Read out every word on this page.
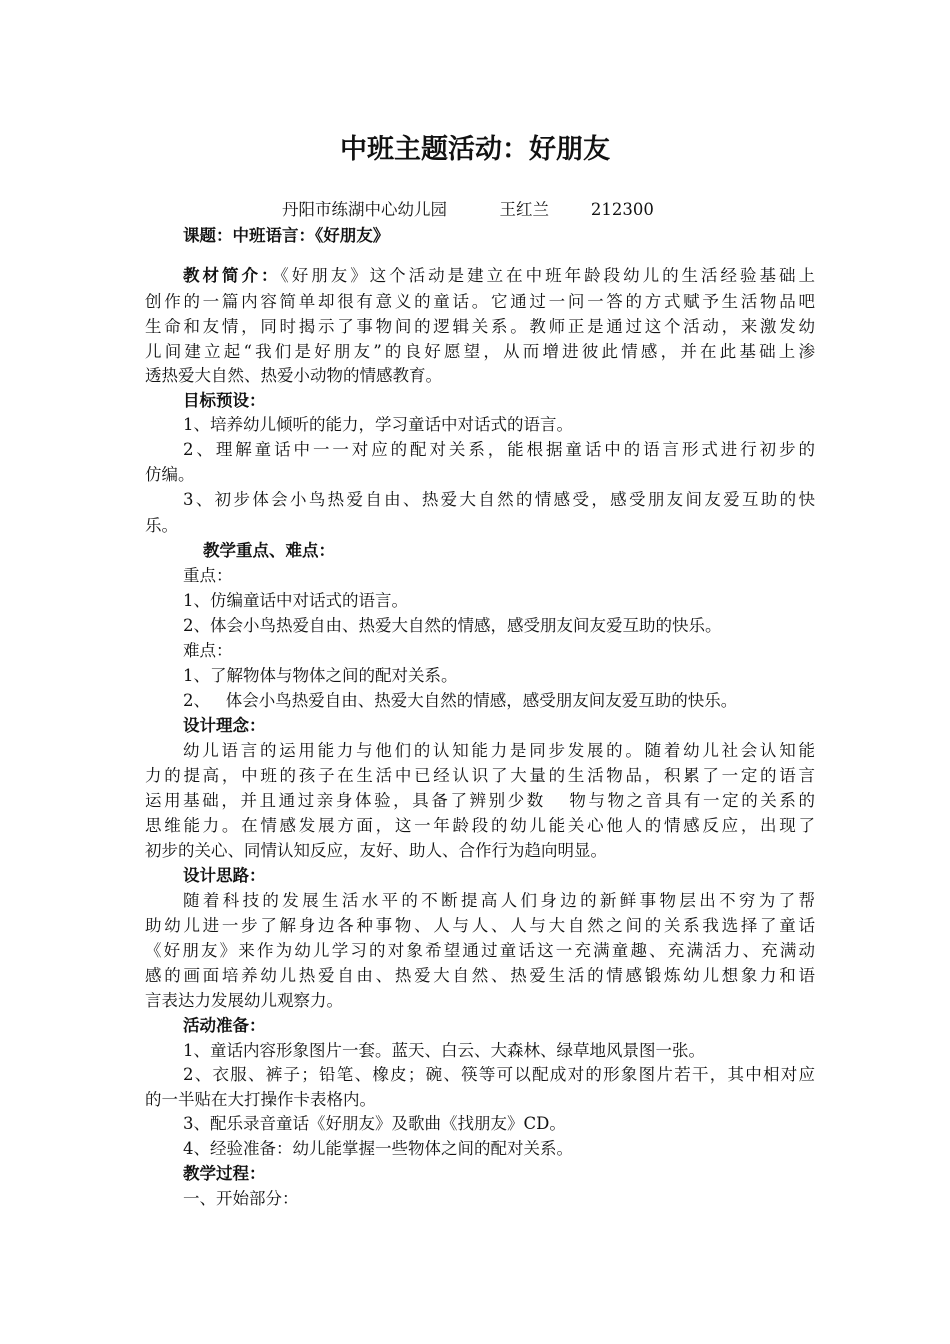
中班主题活动：好朋友
丹阳市练湖中心幼儿园          王红兰        212300
课题：中班语言：《好朋友》
教材简介：《好朋友》这个活动是建立在中班年龄段幼儿的生活经验基础上
创作的一篇内容简单却很有意义的童话。它通过一问一答的方式赋予生活物品吧
生命和友情，同时揭示了事物间的逻辑关系。教师正是通过这个活动，来激发幼
儿间建立起“我们是好朋友”的良好愿望，从而增进彼此情感，并在此基础上渗
透热爱大自然、热爱小动物的情感教育。
目标预设：
1、培养幼儿倾听的能力，学习童话中对话式的语言。
2、理解童话中一一对应的配对关系，能根据童话中的语言形式进行初步的
仿编。
3、初步体会小鸟热爱自由、热爱大自然的情感受，感受朋友间友爱互助的快
乐。
教学重点、难点：
重点：
1、仿编童话中对话式的语言。
2、体会小鸟热爱自由、热爱大自然的情感，感受朋友间友爱互助的快乐。
难点：
1、了解物体与物体之间的配对关系。
2、   体会小鸟热爱自由、热爱大自然的情感，感受朋友间友爱互助的快乐。
设计理念：
幼儿语言的运用能力与他们的认知能力是同步发展的。随着幼儿社会认知能
力的提高，中班的孩子在生活中已经认识了大量的生活物品，积累了一定的语言
运用基础，并且通过亲身体验，具备了辨别少数   物与物之音具有一定的关系的
思维能力。在情感发展方面，这一年龄段的幼儿能关心他人的情感反应，出现了
初步的关心、同情认知反应，友好、助人、合作行为趋向明显。
设计思路：
随着科技的发展生活水平的不断提高人们身边的新鲜事物层出不穷为了帮
助幼儿进一步了解身边各种事物、人与人、人与大自然之间的关系我选择了童话
《好朋友》来作为幼儿学习的对象希望通过童话这一充满童趣、充满活力、充满动
感的画面培养幼儿热爱自由、热爱大自然、热爱生活的情感锻炼幼儿想象力和语
言表达力发展幼儿观察力。
活动准备：
1、童话内容形象图片一套。蓝天、白云、大森林、绿草地风景图一张。
2、衣服、裤子；铅笔、橡皮；碗、筷等可以配成对的形象图片若干，其中相对应
的一半贴在大打操作卡表格内。
3、配乐录音童话《好朋友》及歌曲《找朋友》CD。
4、经验准备：幼儿能掌握一些物体之间的配对关系。
教学过程：
一、开始部分：
